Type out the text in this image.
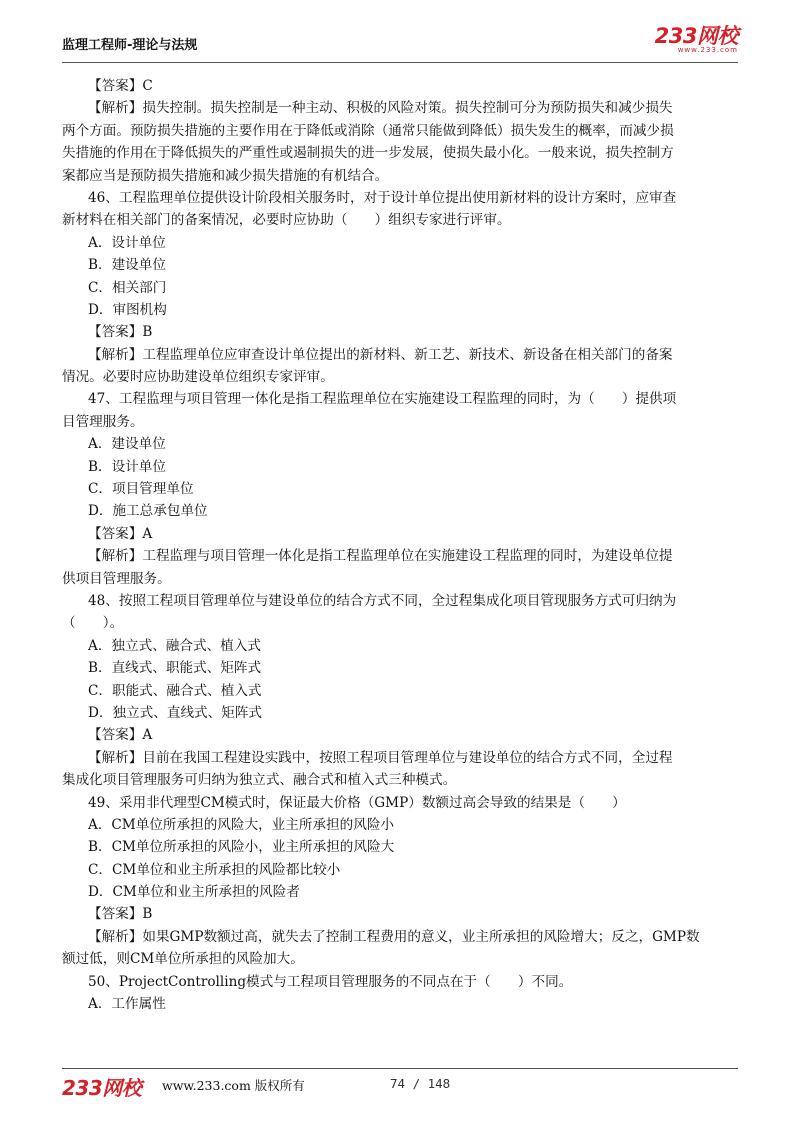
监理工程师-理论与法规	233网校
www.233.com
【答案】C
【解析】损失控制。损失控制是一种主动、积极的风险对策。损失控制可分为预防损失和减少损失
两个方面。预防损失措施的主要作用在于降低或消除（通常只能做到降低）损失发生的概率，而减少损
失措施的作用在于降低损失的严重性或遏制损失的进一步发展，使损失最小化。一般来说，损失控制方
案都应当是预防损失措施和减少损失措施的有机结合。
46、工程监理单位提供设计阶段相关服务时，对于设计单位提出使用新材料的设计方案时，应审查
新材料在相关部门的备案情况，必要时应协助（　　）组织专家进行评审。
A．设计单位
B．建设单位
C．相关部门
D．审图机构
【答案】B
【解析】工程监理单位应审查设计单位提出的新材料、新工艺、新技术、新设备在相关部门的备案
情况。必要时应协助建设单位组织专家评审。
47、工程监理与项目管理一体化是指工程监理单位在实施建设工程监理的同时，为（　　）提供项
目管理服务。
A．建设单位
B．设计单位
C．项目管理单位
D．施工总承包单位
【答案】A
【解析】工程监理与项目管理一体化是指工程监理单位在实施建设工程监理的同时，为建设单位提
供项目管理服务。
48、按照工程项目管理单位与建设单位的结合方式不同，全过程集成化项目管现服务方式可归纳为
（　　）。
A．独立式、融合式、植入式
B．直线式、职能式、矩阵式
C．职能式、融合式、植入式
D．独立式、直线式、矩阵式
【答案】A
【解析】目前在我国工程建设实践中，按照工程项目管理单位与建设单位的结合方式不同，全过程
集成化项目管理服务可归纳为独立式、融合式和植入式三种模式。
49、采用非代理型CM模式时，保证最大价格（GMP）数额过高会导致的结果是（　　）
A．CM单位所承担的风险大，业主所承担的风险小
B．CM单位所承担的风险小，业主所承担的风险大
C．CM单位和业主所承担的风险都比较小
D．CM单位和业主所承担的风险者
【答案】B
【解析】如果GMP数额过高，就失去了控制工程费用的意义，业主所承担的风险增大；反之，GMP数
额过低，则CM单位所承担的风险加大。
50、ProjectControlling模式与工程项目管理服务的不同点在于（　　）不同。
A．工作属性
233网校 www.233.com 版权所有	74 / 148
